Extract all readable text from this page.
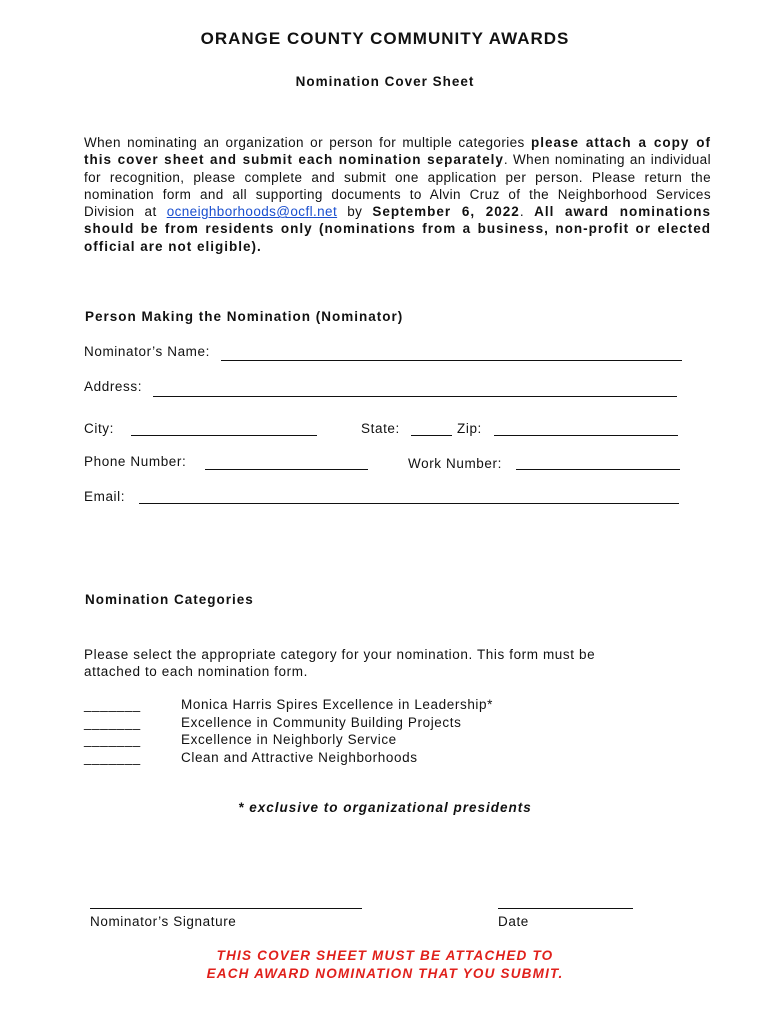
ORANGE COUNTY COMMUNITY AWARDS
Nomination Cover Sheet
When nominating an organization or person for multiple categories please attach a copy of this cover sheet and submit each nomination separately. When nominating an individual for recognition, please complete and submit one application per person. Please return the nomination form and all supporting documents to Alvin Cruz of the Neighborhood Services Division at ocneighborhoods@ocfl.net by September 6, 2022. All award nominations should be from residents only (nominations from a business, non-profit or elected official are not eligible).
Person Making the Nomination (Nominator)
Nominator’s Name:
Address:
City:	State:	Zip:
Phone Number:	Work Number:
Email:
Nomination Categories
Please select the appropriate category for your nomination. This form must be attached to each nomination form.
_______	Monica Harris Spires Excellence in Leadership*
_______	Excellence in Community Building Projects
_______	Excellence in Neighborly Service
_______	Clean and Attractive Neighborhoods
* exclusive to organizational presidents
Nominator’s Signature	Date
THIS COVER SHEET MUST BE ATTACHED TO
EACH AWARD NOMINATION THAT YOU SUBMIT.
